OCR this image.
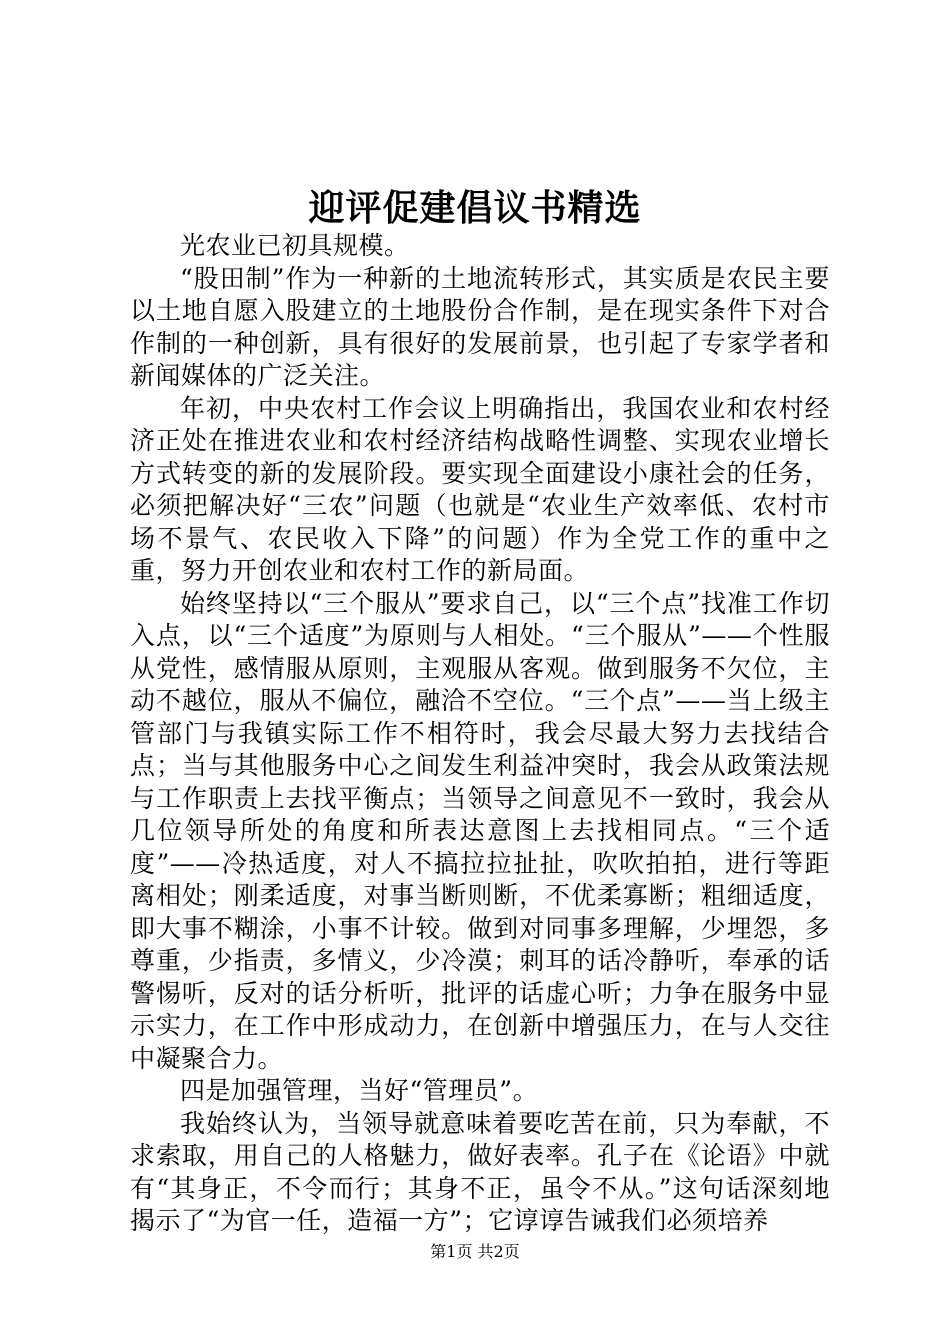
迎评促建倡议书精选

光农业已初具规模。

“股田制”作为一种新的土地流转形式，其实质是农民主要以土地自愿入股建立的土地股份合作制，是在现实条件下对合作制的一种创新，具有很好的发展前景，也引起了专家学者和新闻媒体的广泛关注。

年初，中央农村工作会议上明确指出，我国农业和农村经济正处在推进农业和农村经济结构战略性调整、实现农业增长方式转变的新的发展阶段。要实现全面建设小康社会的任务，必须把解决好“三农”问题（也就是“农业生产效率低、农村市场不景气、农民收入下降”的问题）作为全党工作的重中之重，努力开创农业和农村工作的新局面。

始终坚持以“三个服从”要求自己，以“三个点”找准工作切入点，以“三个适度”为原则与人相处。“三个服从”——个性服从党性，感情服从原则，主观服从客观。做到服务不欠位，主动不越位，服从不偏位，融洽不空位。“三个点”——当上级主管部门与我镇实际工作不相符时，我会尽最大努力去找结合点；当与其他服务中心之间发生利益冲突时，我会从政策法规与工作职责上去找平衡点；当领导之间意见不一致时，我会从几位领导所处的角度和所表达意图上去找相同点。“三个适度”——冷热适度，对人不搞拉拉扯扯，吹吹拍拍，进行等距离相处；刚柔适度，对事当断则断，不优柔寡断；粗细适度，即大事不糊涂，小事不计较。做到对同事多理解，少埋怨，多尊重，少指责，多情义，少冷漠；刺耳的话冷静听，奉承的话警惕听，反对的话分析听，批评的话虚心听；力争在服务中显示实力，在工作中形成动力，在创新中增强压力，在与人交往中凝聚合力。

四是加强管理，当好“管理员”。

我始终认为，当领导就意味着要吃苦在前，只为奉献，不求索取，用自己的人格魅力，做好表率。孔子在《论语》中就有“其身正，不令而行；其身不正，虽令不从。”这句话深刻地揭示了“为官一任，造福一方”；它谆谆告诫我们必须培养

第1页 共2页
